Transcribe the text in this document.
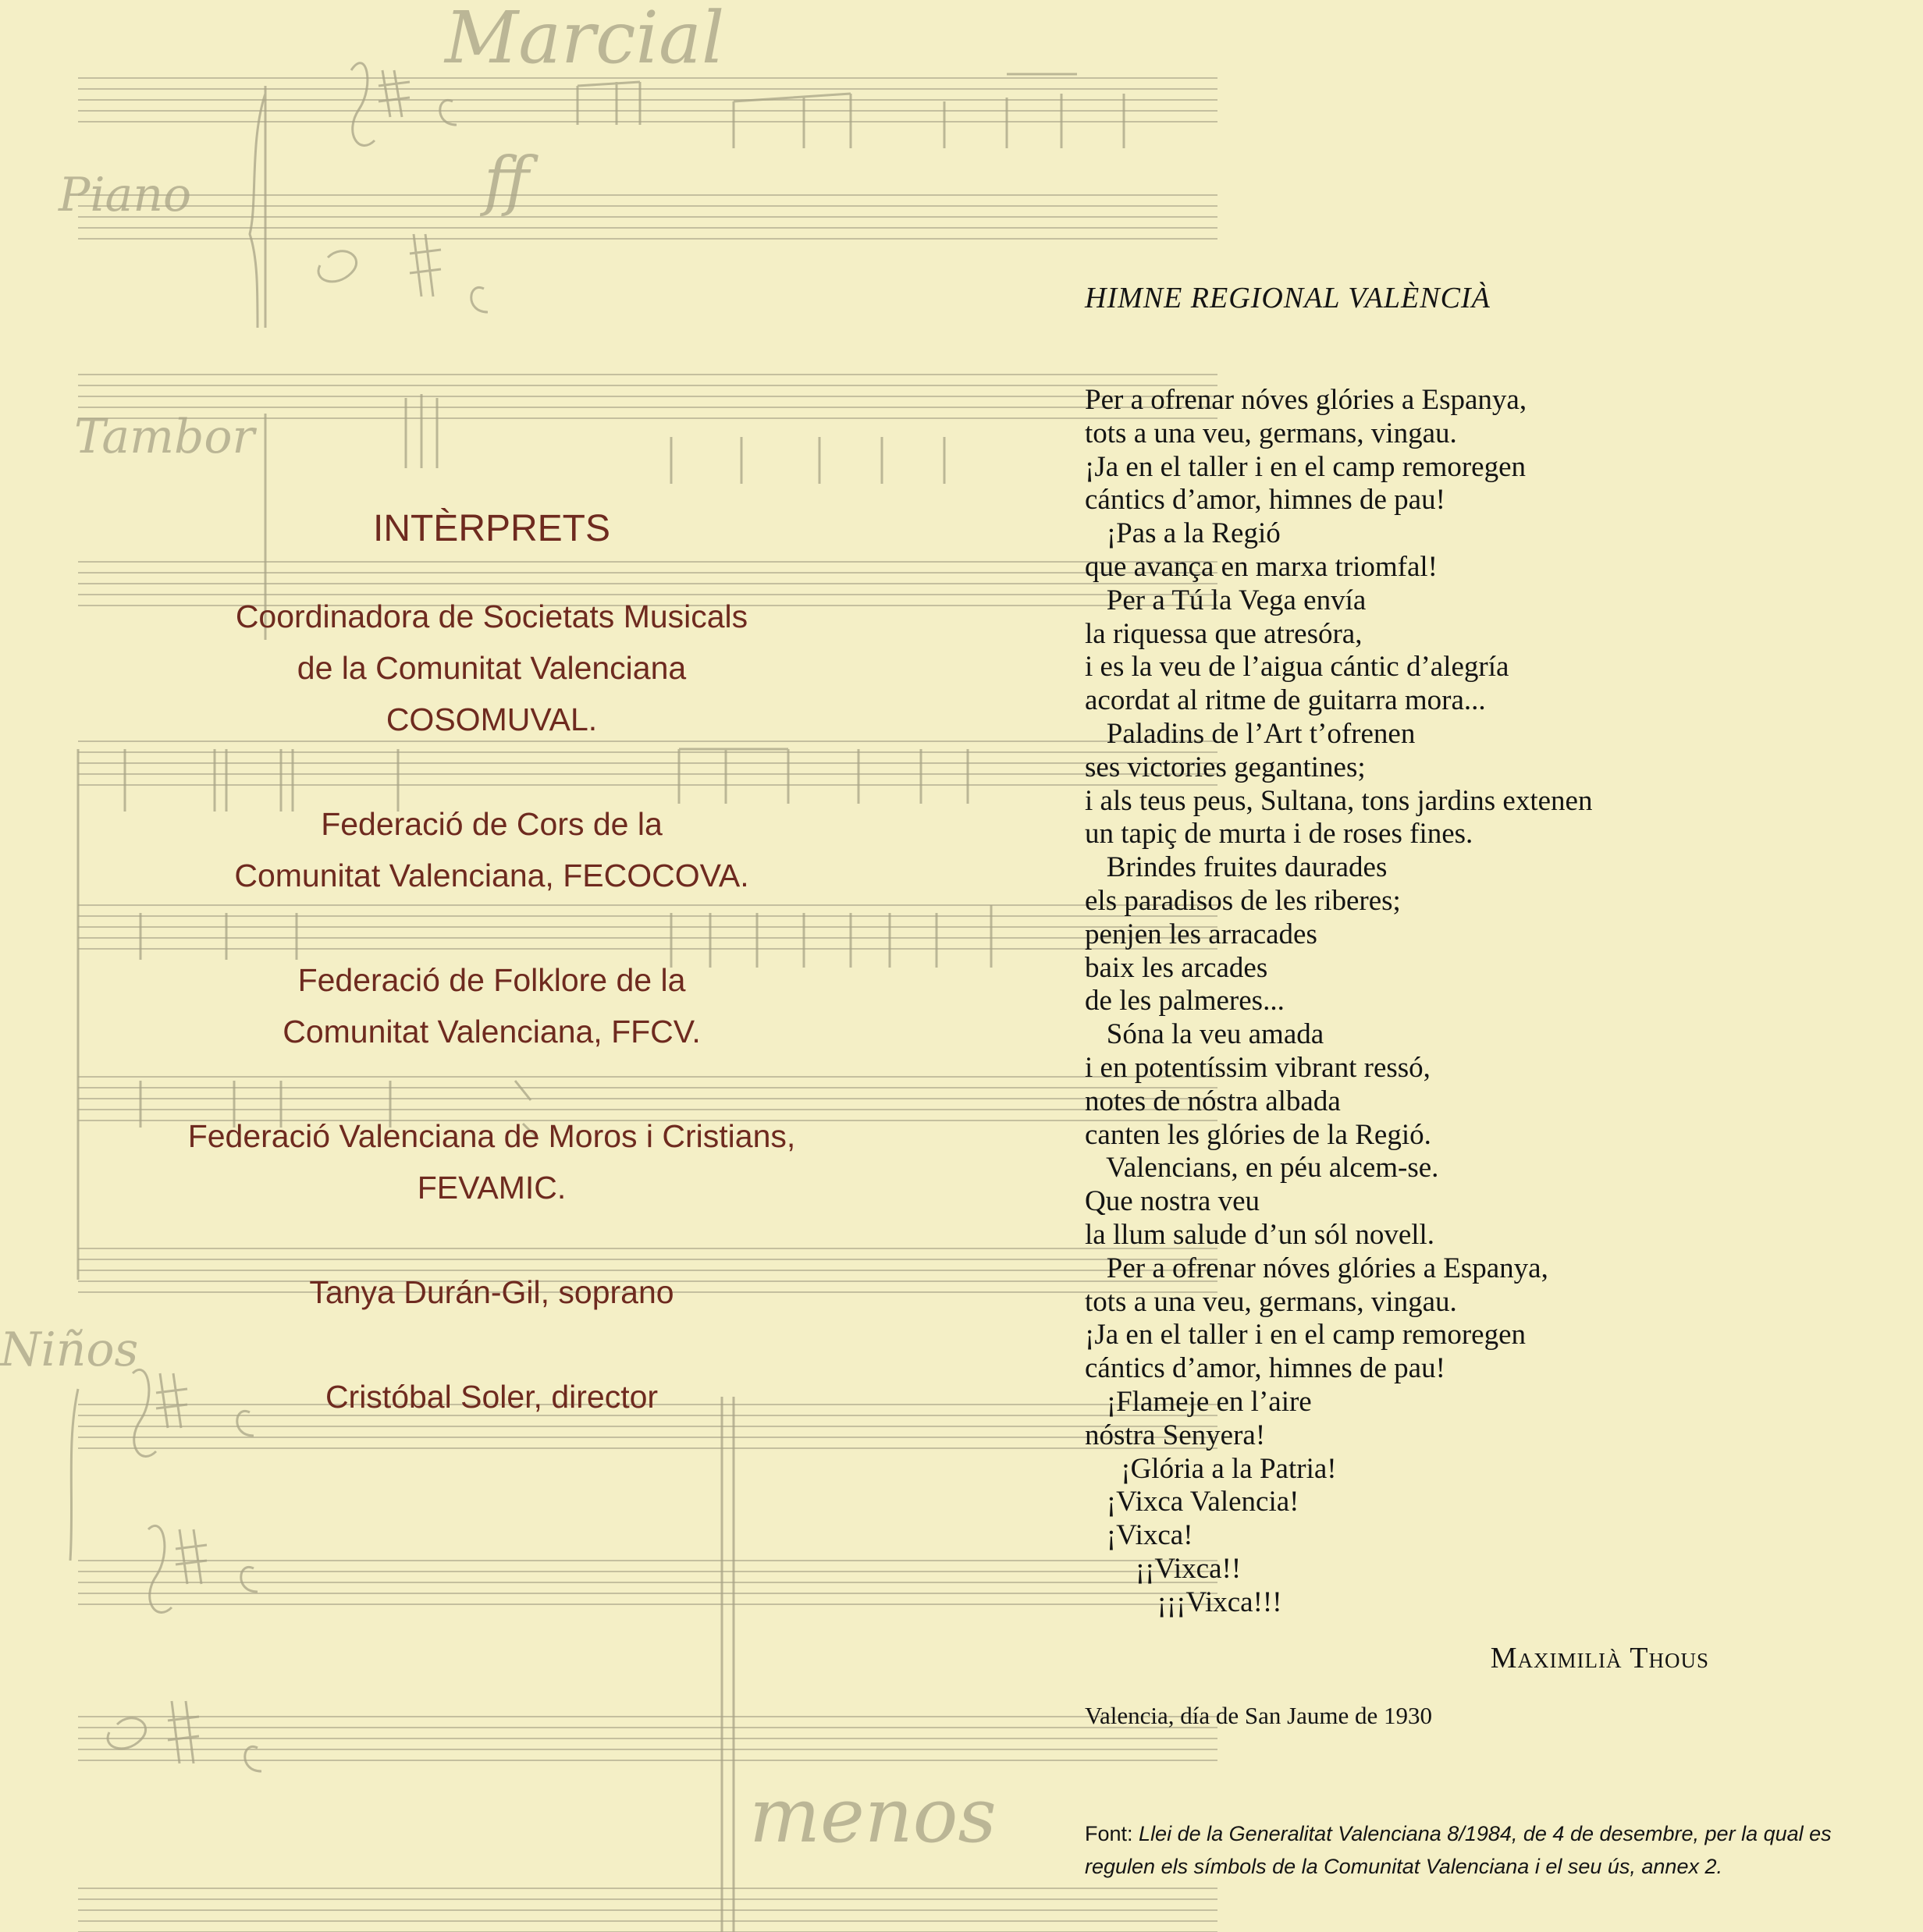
Marcial
Piano
Tambor
ff
Niños
menos
INTÈRPRETS
Coordinadora de Societats Musicals
de la Comunitat Valenciana
COSOMUVAL.
Federació de Cors de la
Comunitat Valenciana, FECOCOVA.
Federació de Folklore de la
Comunitat Valenciana, FFCV.
Federació Valenciana de Moros i Cristians,
FEVAMIC.
Tanya Durán-Gil, soprano
Cristóbal Soler, director
HIMNE REGIONAL VALÈNCIÀ
Per a ofrenar nóves glóries a Espanya,
tots a una veu, germans, vingau.
¡Ja en el taller i en el camp remoregen
cántics d’amor, himnes de pau!
¡Pas a la Regió
que avança en marxa triomfal!
Per a Tú la Vega envía
la riquessa que atresóra,
i es la veu de l’aigua cántic d’alegría
acordat al ritme de guitarra mora...
Paladins de l’Art t’ofrenen
ses victories gegantines;
i als teus peus, Sultana, tons jardins extenen
un tapiç de murta i de roses fines.
Brindes fruites daurades
els paradisos de les riberes;
penjen les arracades
baix les arcades
de les palmeres...
Sóna la veu amada
i en potentíssim vibrant ressó,
notes de nóstra albada
canten les glóries de la Regió.
Valencians, en péu alcem-se.
Que nostra veu
la llum salude d’un sól novell.
Per a ofrenar nóves glóries a Espanya,
tots a una veu, germans, vingau.
¡Ja en el taller i en el camp remoregen
cántics d’amor, himnes de pau!
¡Flameje en l’aire
nóstra Senyera!
¡Glória a la Patria!
¡Vixca Valencia!
¡Vixca!
¡¡Vixca!!
¡¡¡Vixca!!!
Maximilià Thous
Valencia, día de San Jaume de 1930
Font: Llei de la Generalitat Valenciana 8/1984, de 4 de desembre, per la qual es regulen els símbols de la Comunitat Valenciana i el seu ús, annex 2.
